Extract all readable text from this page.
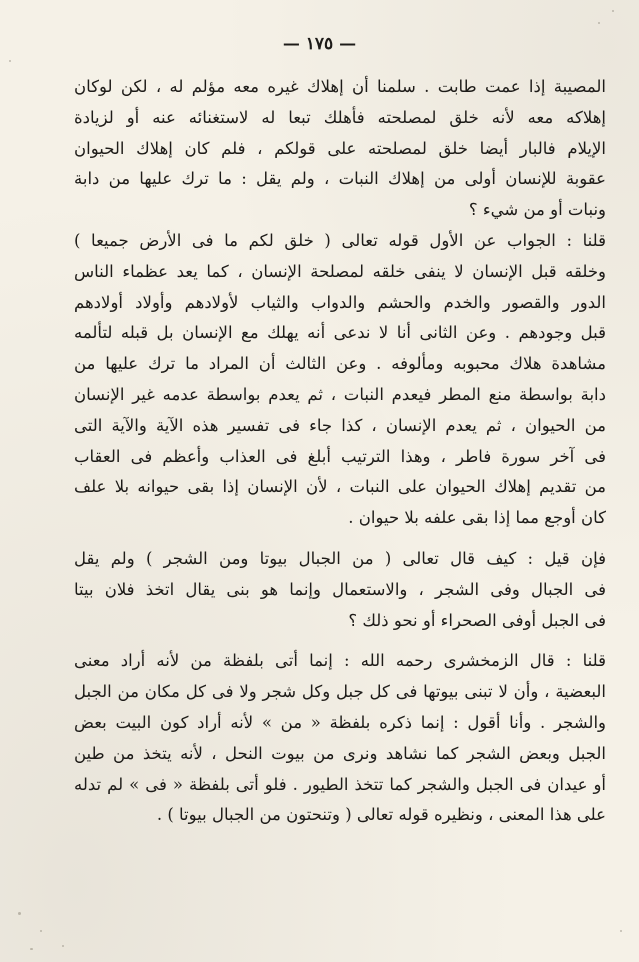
— ١٧٥ —
المصيبة إذا عمت طابت . سلمنا أن إهلاك غيره معه مؤلم له ، لكن لوكان
إهلاكه معه لأنه خلق لمصلحته فأهلك تبعا له لاستغنائه عنه أو لزيادة
الإيلام فالبار أيضا خلق لمصلحته على قولكم ، فلم كان إهلاك الحيوان
عقوبة للإنسان أولى من إهلاك النبات ، ولم يقل : ما ترك عليها من دابة
ونبات أو من شيء ؟
قلنا : الجواب عن الأول قوله تعالى ( خلق لكم ما فى الأرض جميعا )
وخلقه قبل الإنسان لا ينفى خلقه لمصلحة الإنسان ، كما يعد عظماء الناس
الدور والقصور والخدم والحشم والدواب والثياب لأولادهم وأولاد أولادهم
قبل وجودهم . وعن الثانى أنا لا ندعى أنه يهلك مع الإنسان بل قبله لتألمه
مشاهدة هلاك محبوبه ومألوفه . وعن الثالث أن المراد ما ترك عليها من
دابة بواسطة منع المطر فيعدم النبات ، ثم يعدم بواسطة عدمه غير الإنسان
من الحيوان ، ثم يعدم الإنسان ، كذا جاء فى تفسير هذه الآية والآية التى
فى آخر سورة فاطر ، وهذا الترتيب أبلغ فى العذاب وأعظم فى العقاب
من تقديم إهلاك الحيوان على النبات ، لأن الإنسان إذا بقى حيوانه بلا علف
كان أوجع مما إذا بقى علفه بلا حيوان .
فإن قيل : كيف قال تعالى ( من الجبال بيوتا ومن الشجر ) ولم يقل
فى الجبال وفى الشجر ، والاستعمال وإنما هو بنى يقال اتخذ فلان بيتا
فى الجبل أوفى الصحراء أو نحو ذلك ؟
قلنا : قال الزمخشرى رحمه الله : إنما أتى بلفظة من لأنه أراد معنى
البعضية ، وأن لا تبنى بيوتها فى كل جبل وكل شجر ولا فى كل مكان من الجبل
والشجر . وأنا أقول : إنما ذكره بلفظة « من » لأنه أراد كون البيت بعض
الجبل وبعض الشجر كما نشاهد ونرى من بيوت النحل ، لأنه يتخذ من طين
أو عيدان فى الجبل والشجر كما تتخذ الطيور . فلو أتى بلفظة « فى » لم تدله
على هذا المعنى ، ونظيره قوله تعالى ( وتنحتون من الجبال بيوتا ) .
